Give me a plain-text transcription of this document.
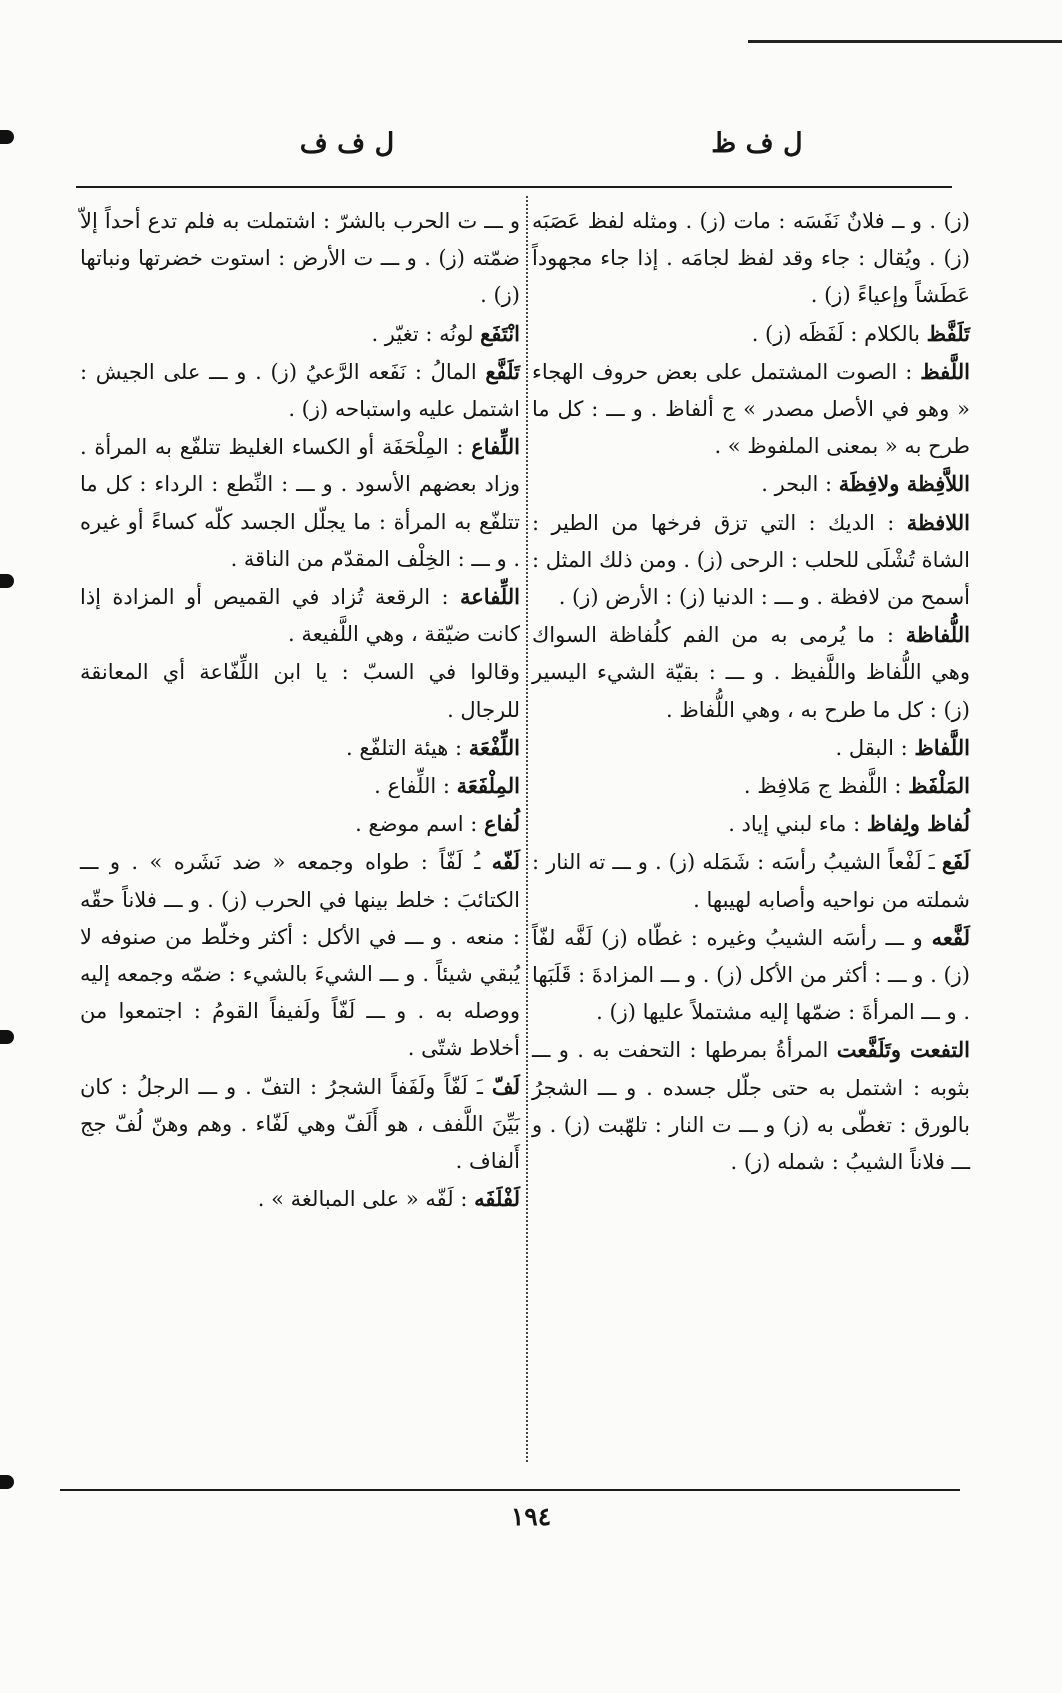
ل ف ظ
ل ف ف

(ز) . و ــ فلانٌ نَفَسَه : مات (ز) . ومثله لفظ عَصَبَه (ز) . ويُقال : جاء وقد لفظ لجامَه . إذا جاء مجهوداً عَطَشاً وإعياءً (ز) .

تَلَفَّظ بالكلام : لَفَظَه (ز) .

اللَّفظ : الصوت المشتمل على بعض حروف الهجاء « وهو في الأصل مصدر » ج ألفاظ . و ـــ : كل ما طرح به « بمعنى الملفوظ » .

اللاَّفِظة ولافِظَة : البحر .

اللافظة : الديك : التي تزق فرخها من الطير : الشاة تُشْلَى للحلب : الرحى (ز) . ومن ذلك المثل : أسمح من لافظة . و ـــ : الدنيا (ز) : الأرض (ز) .

اللُّفاظة : ما يُرمى به من الفم كلُفاظة السواك وهي اللُّفاظ واللَّفيظ . و ـــ : بقيّة الشيء اليسير (ز) : كل ما طرح به ، وهي اللُّفاظ .

اللَّفاظ : البقل .

المَلْفَظ : اللَّفظ ج مَلافِظ .

لُفاظ ولِفاظ : ماء لبني إياد .

لَفَع ـَ لَفْعاً الشيبُ رأسَه : شَمَله (ز) . و ـــ ته النار : شملته من نواحيه وأصابه لهيبها .

لَفَّعه و ـــ رأسَه الشيبُ وغيره : غطّاه (ز) لَفَّه لفّاً (ز) . و ـــ : أكثر من الأكل (ز) . و ـــ المزادةَ : قَلَبَها . و ـــ المرأةَ : ضمّها إليه مشتملاً عليها (ز) .

التفعت وتَلَفَّعت المرأةُ بمرطها : التحفت به . و ـــ بثوبه : اشتمل به حتى جلّل جسده . و ـــ الشجرُ بالورق : تغطّى به (ز) و ـــ ت النار : تلهّبت (ز) . و ـــ فلاناً الشيبُ : شمله (ز) .

و ـــ ت الحرب بالشرّ : اشتملت به فلم تدع أحداً إلاّ ضمّته (ز) . و ـــ ت الأرض : استوت خضرتها ونباتها (ز) .

انْتَفَع لونُه : تغيّر .

تَلَفَّع المالُ : نَفَعه الرَّعيُ (ز) . و ـــ على الجيش : اشتمل عليه واستباحه (ز) .

اللِّفاع : المِلْحَفَة أو الكساء الغليظ تتلفّع به المرأة . وزاد بعضهم الأسود . و ـــ : النِّطع : الرداء : كل ما تتلفّع به المرأة : ما يجلّل الجسد كلّه كساءً أو غيره . و ـــ : الخِلْف المقدّم من الناقة .

اللِّفاعة : الرقعة تُزاد في القميص أو المزادة إذا كانت ضيّقة ، وهي اللَّفيعة .

وقالوا في السبّ : يا ابن اللِّفّاعة أي المعانقة للرجال .

اللِّفْعَة : هيئة التلفّع .

المِلْفَعَة : اللِّفاع .

لُفاع : اسم موضع .

لَفّه ـُ لَفّاً : طواه وجمعه « ضد نَشَره » . و ـــ الكتائبَ : خلط بينها في الحرب (ز) . و ـــ فلاناً حقّه : منعه . و ـــ في الأكل : أكثر وخلّط من صنوفه لا يُبقي شيئاً . و ـــ الشيءَ بالشيء : ضمّه وجمعه إليه ووصله به . و ـــ لَفّاً ولَفيفاً القومُ : اجتمعوا من أخلاط شتّى .

لَفّ ـَ لَفّاً ولَفَفاً الشجرُ : التفّ . و ـــ الرجلُ : كان بَيِّنَ اللَّفف ، هو أَلَفّ وهي لَفّاء . وهم وهنّ لُفّ جج أَلفاف .

لَفْلَفَه : لَفّه « على المبالغة » .

١٩٤
